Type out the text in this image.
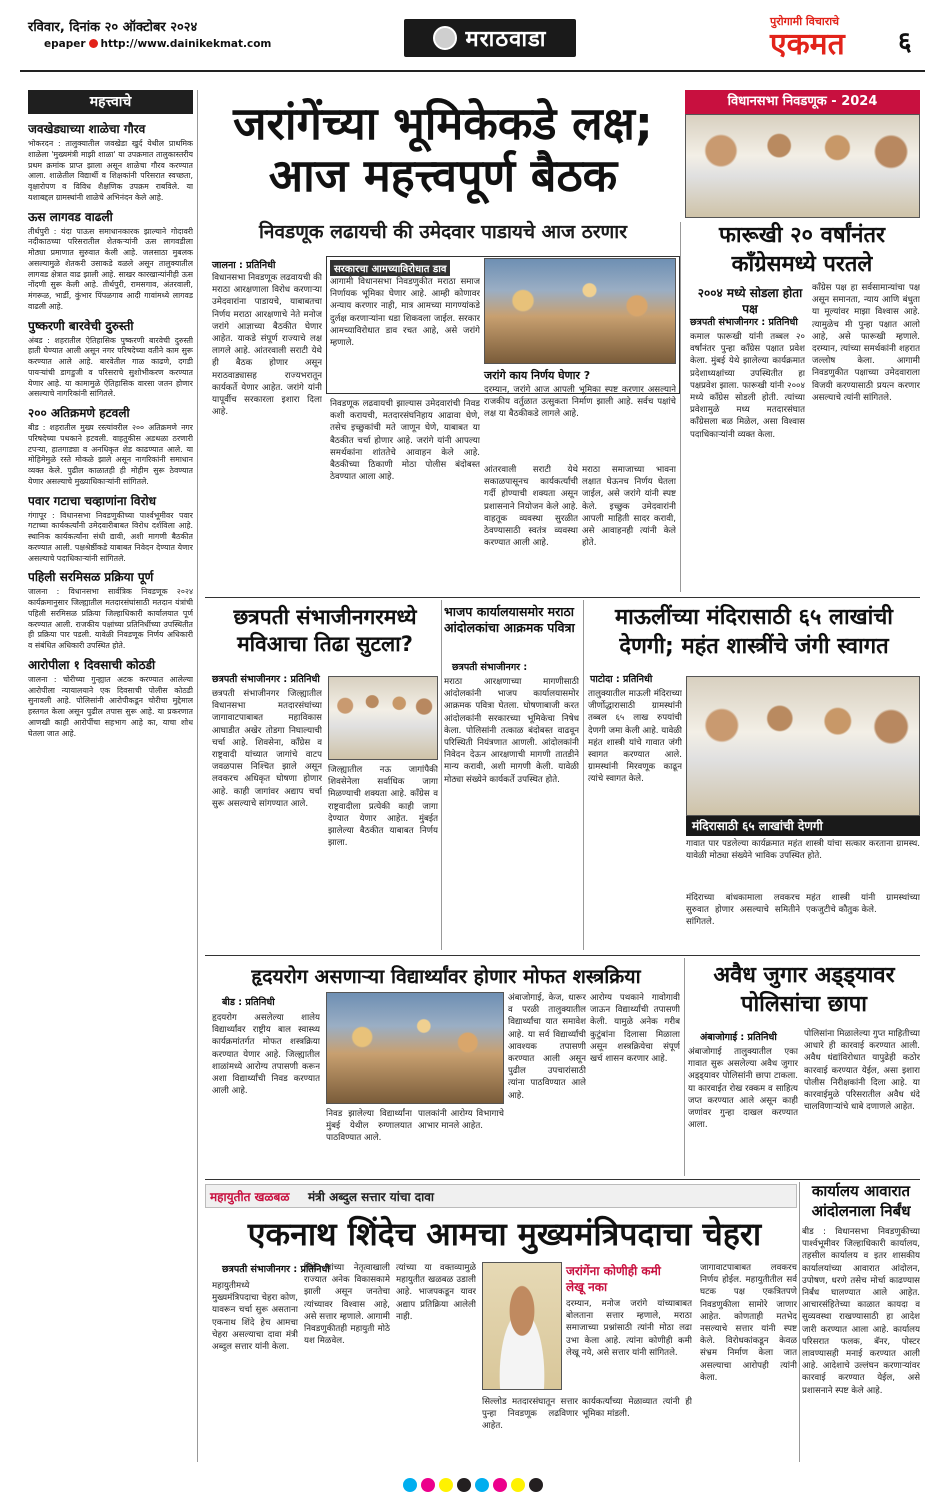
रविवार, दिनांक २० ऑक्टोबर २०२४
epaper http://www.dainikekmat.com	मराठवाडा
पुरोगामी विचाराचे
एकमत ६
महत्त्वाचे
जवखेड्याच्या शाळेचा गौरव
भोकरदन : तालुक्यातील जवखेडा खुर्द येथील प्राथमिक शाळेला 'मुख्यमंत्री माझी शाळा' या उपक्रमात तालुकास्तरीय प्रथम क्रमांक प्राप्त झाला असून शाळेचा गौरव करण्यात आला. शाळेतील विद्यार्थी व शिक्षकांनी परिसरात स्वच्छता, वृक्षारोपण व विविध शैक्षणिक उपक्रम राबविले. या यशाबद्दल ग्रामस्थांनी शाळेचे अभिनंदन केले आहे.
ऊस लागवड वाढली
तीर्थपुरी : यंदा पाऊस समाधानकारक झाल्याने गोदावरी नदीकाठच्या परिसरातील शेतकऱ्यांनी ऊस लागवडीला मोठ्या प्रमाणात सुरुवात केली आहे. जलसाठा मुबलक असल्यामुळे शेतकरी उसाकडे वळले असून तालुक्यातील लागवड क्षेत्रात वाढ झाली आहे. साखर कारखान्यांनीही ऊस नोंदणी सुरू केली आहे. तीर्थपुरी, रामसगाव, अंतरवाली, मंगरूळ, भार्डी, कुंभार पिंपळगाव आदी गावांमध्ये लागवड वाढली आहे.
पुष्करणी बारवेची दुरुस्ती
अंबड : शहरातील ऐतिहासिक पुष्करणी बारवेची दुरुस्ती हाती घेण्यात आली असून नगर परिषदेच्या वतीने काम सुरू करण्यात आले आहे. बारवेतील गाळ काढणे, दगडी पायऱ्यांची डागडुजी व परिसराचे सुशोभीकरण करण्यात येणार आहे. या कामामुळे ऐतिहासिक वारसा जतन होणार असल्याचे नागरिकांनी सांगितले.
२०० अतिक्रमणे हटवली
बीड : शहरातील मुख्य रस्त्यांवरील २०० अतिक्रमणे नगर परिषदेच्या पथकाने हटवली. वाहतुकीस अडथळा ठरणारी टपऱ्या, हातगाड्या व अनधिकृत शेड काढण्यात आले. या मोहिमेमुळे रस्ते मोकळे झाले असून नागरिकांनी समाधान व्यक्त केले. पुढील काळातही ही मोहीम सुरू ठेवण्यात येणार असल्याचे मुख्याधिकाऱ्यांनी सांगितले.
पवार गटाचा चव्हाणांना विरोध
गंगापूर : विधानसभा निवडणुकीच्या पार्श्वभूमीवर पवार गटाच्या कार्यकर्त्यांनी उमेदवारीबाबत विरोध दर्शविला आहे. स्थानिक कार्यकर्त्यांना संधी द्यावी, अशी मागणी बैठकीत करण्यात आली. पक्षश्रेष्ठींकडे याबाबत निवेदन देण्यात येणार असल्याचे पदाधिकाऱ्यांनी सांगितले.
पहिली सरमिसळ प्रक्रिया पूर्ण
जालना : विधानसभा सार्वत्रिक निवडणूक २०२४ कार्यक्रमानुसार जिल्ह्यातील मतदारसंघांसाठी मतदान यंत्रांची पहिली सरमिसळ प्रक्रिया जिल्हाधिकारी कार्यालयात पूर्ण करण्यात आली. राजकीय पक्षांच्या प्रतिनिधींच्या उपस्थितीत ही प्रक्रिया पार पडली. यावेळी निवडणूक निर्णय अधिकारी व संबंधित अधिकारी उपस्थित होते.
आरोपीला १ दिवसाची कोठडी
जालना : चोरीच्या गुन्ह्यात अटक करण्यात आलेल्या आरोपीला न्यायालयाने एक दिवसाची पोलीस कोठडी सुनावली आहे. पोलिसांनी आरोपीकडून चोरीचा मुद्देमाल हस्तगत केला असून पुढील तपास सुरू आहे. या प्रकरणात आणखी काही आरोपींचा सहभाग आहे का, याचा शोध घेतला जात आहे.
जरांगेंच्या भूमिकेकडे लक्ष; आज महत्त्वपूर्ण बैठक
निवडणूक लढायची की उमेदवार पाडायचे आज ठरणार
विधानसभा निवडणूक - 2024
फारूखी २० वर्षांनंतर काँग्रेसमध्ये परतले
२००४ मध्ये सोडला होता पक्ष
छत्रपती संभाजीनगर : प्रतिनिधी
कमाल फारूखी यांनी तब्बल २० वर्षांनंतर पुन्हा काँग्रेस पक्षात प्रवेश केला. मुंबई येथे झालेल्या कार्यक्रमात प्रदेशाध्यक्षांच्या उपस्थितीत हा पक्षप्रवेश झाला. फारूखी यांनी २००४ मध्ये काँग्रेस सोडली होती. त्यांच्या प्रवेशामुळे मध्य मतदारसंघात काँग्रेसला बळ मिळेल, असा विश्वास पदाधिकाऱ्यांनी व्यक्त केला.
काँग्रेस पक्ष हा सर्वसामान्यांचा पक्ष असून समानता, न्याय आणि बंधुता या मूल्यांवर माझा विश्वास आहे. त्यामुळेच मी पुन्हा पक्षात आलो आहे, असे फारूखी म्हणाले. दरम्यान, त्यांच्या समर्थकांनी शहरात जल्लोष केला. आगामी निवडणुकीत पक्षाच्या उमेदवाराला विजयी करण्यासाठी प्रयत्न करणार असल्याचे त्यांनी सांगितले.
जालना : प्रतिनिधी
विधानसभा निवडणूक लढवायची की मराठा आरक्षणाला विरोध करणाऱ्या उमेदवारांना पाडायचे, याबाबतचा निर्णय मराठा आरक्षणाचे नेते मनोज जरांगे आज्ञाच्या बैठकीत घेणार आहेत. याकडे संपूर्ण राज्याचे लक्ष लागले आहे. आंतरवाली सराटी येथे ही बैठक होणार असून मराठवाड्यासह राज्यभरातून कार्यकर्ते येणार आहेत. जरांगे यांनी यापूर्वीच सरकारला इशारा दिला आहे.
सरकारचा आमच्याविरोधात डाव
आगामी विधानसभा निवडणुकीत मराठा समाज निर्णायक भूमिका घेणार आहे. आम्ही कोणावर अन्याय करणार नाही, मात्र आमच्या मागण्यांकडे दुर्लक्ष करणाऱ्यांना धडा शिकवला जाईल. सरकार आमच्याविरोधात डाव रचत आहे, असे जरांगे म्हणाले.
जरांगे काय निर्णय घेणार ?
दरम्यान, जरांगे आज आपली भूमिका स्पष्ट करणार असल्याने राजकीय वर्तुळात उत्सुकता निर्माण झाली आहे. सर्वच पक्षांचे लक्ष या बैठकीकडे लागले आहे.
निवडणूक लढवायची झाल्यास उमेदवारांची निवड कशी करायची, मतदारसंघनिहाय आढावा घेणे, तसेच इच्छुकांची मते जाणून घेणे, याबाबत या बैठकीत चर्चा होणार आहे. जरांगे यांनी आपल्या समर्थकांना शांततेचे आवाहन केले आहे. बैठकीच्या ठिकाणी मोठा पोलीस बंदोबस्त ठेवण्यात आला आहे.
आंतरवाली सराटी येथे सकाळपासूनच कार्यकर्त्यांची गर्दी होण्याची शक्यता असून प्रशासनाने नियोजन केले आहे. वाहतूक व्यवस्था सुरळीत ठेवण्यासाठी स्वतंत्र व्यवस्था करण्यात आली आहे.
मराठा समाजाच्या भावना लक्षात घेऊनच निर्णय घेतला जाईल, असे जरांगे यांनी स्पष्ट केले. इच्छुक उमेदवारांनी आपली माहिती सादर करावी, असे आवाहनही त्यांनी केले होते.
छत्रपती संभाजीनगरमध्ये मविआचा तिढा सुटला?
छत्रपती संभाजीनगर : प्रतिनिधी
छत्रपती संभाजीनगर जिल्ह्यातील विधानसभा मतदारसंघांच्या जागावाटपाबाबत महाविकास आघाडीत अखेर तोडगा निघाल्याची चर्चा आहे. शिवसेना, काँग्रेस व राष्ट्रवादी यांच्यात जागांचे वाटप जवळपास निश्चित झाले असून लवकरच अधिकृत घोषणा होणार आहे. काही जागांवर अद्याप चर्चा सुरू असल्याचे सांगण्यात आले.
जिल्ह्यातील नऊ जागांपैकी शिवसेनेला सर्वाधिक जागा मिळण्याची शक्यता आहे. काँग्रेस व राष्ट्रवादीला प्रत्येकी काही जागा देण्यात येणार आहेत. मुंबईत झालेल्या बैठकीत याबाबत निर्णय झाला.
भाजप कार्यालयासमोर मराठा आंदोलकांचा आक्रमक पवित्रा
छत्रपती संभाजीनगर :
मराठा आरक्षणाच्या मागणीसाठी आंदोलकांनी भाजप कार्यालयासमोर आक्रमक पवित्रा घेतला. घोषणाबाजी करत आंदोलकांनी सरकारच्या भूमिकेचा निषेध केला. पोलिसांनी तत्काळ बंदोबस्त वाढवून परिस्थिती नियंत्रणात आणली. आंदोलकांनी निवेदन देऊन आरक्षणाची मागणी तातडीने मान्य करावी, अशी मागणी केली. यावेळी मोठ्या संख्येने कार्यकर्ते उपस्थित होते.
माऊलींच्या मंदिरासाठी ६५ लाखांची देणगी; महंत शास्त्रींचे जंगी स्वागत
पाटोदा : प्रतिनिधी
तालुक्यातील माऊली मंदिराच्या जीर्णोद्धारासाठी ग्रामस्थांनी तब्बल ६५ लाख रुपयांची देणगी जमा केली आहे. यावेळी महंत शास्त्री यांचे गावात जंगी स्वागत करण्यात आले. ग्रामस्थांनी मिरवणूक काढून त्यांचे स्वागत केले.
मंदिरासाठी ६५ लाखांची देणगी
गावात पार पडलेल्या कार्यक्रमात महंत शास्त्री यांचा सत्कार करताना ग्रामस्थ. यावेळी मोठ्या संख्येने भाविक उपस्थित होते.
मंदिराच्या बांधकामाला लवकरच सुरुवात होणार असल्याचे समितीने सांगितले.
महंत शास्त्री यांनी ग्रामस्थांच्या एकजुटीचे कौतुक केले.
हृदयरोग असणाऱ्या विद्यार्थ्यांवर होणार मोफत शस्त्रक्रिया
बीड : प्रतिनिधी
हृदयरोग असलेल्या शालेय विद्यार्थ्यांवर राष्ट्रीय बाल स्वास्थ्य कार्यक्रमांतर्गत मोफत शस्त्रक्रिया करण्यात येणार आहे. जिल्ह्यातील शाळांमध्ये आरोग्य तपासणी करून अशा विद्यार्थ्यांची निवड करण्यात आली आहे.
निवड झालेल्या विद्यार्थ्यांना मुंबई येथील रुग्णालयात पाठविण्यात आले.
पालकांनी आरोग्य विभागाचे आभार मानले आहेत.
अंबाजोगाई, केज, धारूर व परळी तालुक्यातील विद्यार्थ्यांचा यात समावेश आहे. या सर्व विद्यार्थ्यांची आवश्यक तपासणी करण्यात आली असून पुढील उपचारांसाठी त्यांना पाठविण्यात आले आहे.
आरोग्य पथकाने गावोगावी जाऊन विद्यार्थ्यांची तपासणी केली. यामुळे अनेक गरीब कुटुंबांना दिलासा मिळाला असून शस्त्रक्रियेचा संपूर्ण खर्च शासन करणार आहे.
अवैध जुगार अड्ड्यावर पोलिसांचा छापा
अंबाजोगाई : प्रतिनिधी
अंबाजोगाई तालुक्यातील एका गावात सुरू असलेल्या अवैध जुगार अड्ड्यावर पोलिसांनी छापा टाकला. या कारवाईत रोख रक्कम व साहित्य जप्त करण्यात आले असून काही जणांवर गुन्हा दाखल करण्यात आला.
पोलिसांना मिळालेल्या गुप्त माहितीच्या आधारे ही कारवाई करण्यात आली. अवैध धंद्यांविरोधात यापुढेही कठोर कारवाई करण्यात येईल, असा इशारा पोलीस निरीक्षकांनी दिला आहे. या कारवाईमुळे परिसरातील अवैध धंदे चालविणाऱ्यांचे धाबे दणाणले आहेत.
महायुतीत खळबळ मंत्री अब्दुल सत्तार यांचा दावा
एकनाथ शिंदेच आमचा मुख्यमंत्रिपदाचा चेहरा
छत्रपती संभाजीनगर : प्रतिनिधी
महायुतीमध्ये मुख्यमंत्रिपदाचा चेहरा कोण, यावरून चर्चा सुरू असताना एकनाथ शिंदे हेच आमचा चेहरा असल्याचा दावा मंत्री अब्दुल सत्तार यांनी केला.
शिंदे यांच्या नेतृत्वाखाली राज्यात अनेक विकासकामे झाली असून जनतेचा त्यांच्यावर विश्वास आहे, असे सत्तार म्हणाले. आगामी निवडणुकीतही महायुती मोठे यश मिळवेल.
त्यांच्या या वक्तव्यामुळे महायुतीत खळबळ उडाली आहे. भाजपकडून यावर अद्याप प्रतिक्रिया आलेली नाही.
जरांगेंना कोणीही कमी लेखू नका
दरम्यान, मनोज जरांगे यांच्याबाबत बोलताना सत्तार म्हणाले, मराठा समाजाच्या प्रश्नांसाठी त्यांनी मोठा लढा उभा केला आहे. त्यांना कोणीही कमी लेखू नये, असे सत्तार यांनी सांगितले.
सिल्लोड मतदारसंघातून सत्तार पुन्हा निवडणूक लढविणार आहेत.
कार्यकर्त्यांच्या मेळाव्यात त्यांनी ही भूमिका मांडली.
जागावाटपाबाबत लवकरच निर्णय होईल. महायुतीतील सर्व घटक पक्ष एकत्रितपणे निवडणुकीला सामोरे जाणार आहेत. कोणताही मतभेद नसल्याचे सत्तार यांनी स्पष्ट केले. विरोधकांकडून केवळ संभ्रम निर्माण केला जात असल्याचा आरोपही त्यांनी केला.
कार्यालय आवारात आंदोलनाला निर्बंध
बीड : विधानसभा निवडणुकीच्या पार्श्वभूमीवर जिल्हाधिकारी कार्यालय, तहसील कार्यालय व इतर शासकीय कार्यालयांच्या आवारात आंदोलन, उपोषण, धरणे तसेच मोर्चा काढण्यास निर्बंध घालण्यात आले आहेत. आचारसंहितेच्या काळात कायदा व सुव्यवस्था राखण्यासाठी हा आदेश जारी करण्यात आला आहे. कार्यालय परिसरात फलक, बॅनर, पोस्टर लावण्यासही मनाई करण्यात आली आहे. आदेशाचे उल्लंघन करणाऱ्यांवर कारवाई करण्यात येईल, असे प्रशासनाने स्पष्ट केले आहे.
